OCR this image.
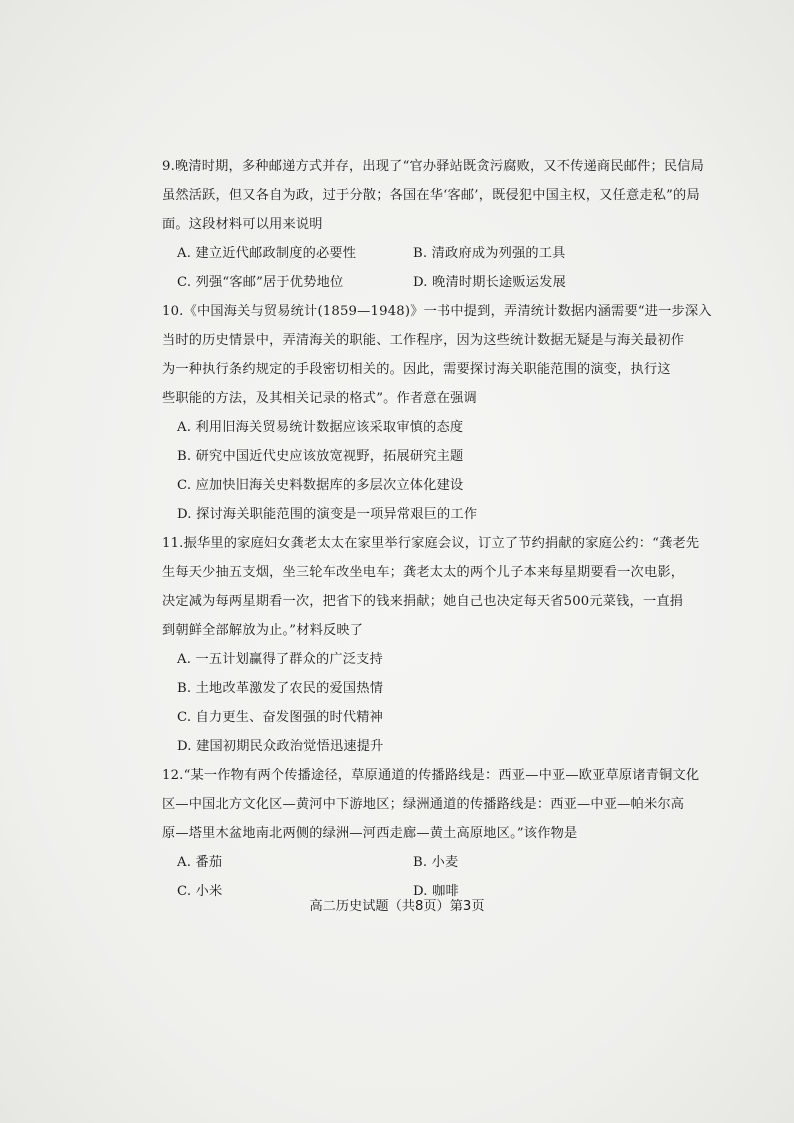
9.晚清时期，多种邮递方式并存，出现了“官办驿站既贪污腐败，又不传递商民邮件；民信局
虽然活跃，但又各自为政，过于分散；各国在华‘客邮’，既侵犯中国主权，又任意走私”的局
面。这段材料可以用来说明
A. 建立近代邮政制度的必要性	B. 清政府成为列强的工具
C. 列强“客邮”居于优势地位	D. 晚清时期长途贩运发展
10.《中国海关与贸易统计(1859—1948)》一书中提到，弄清统计数据内涵需要“进一步深入
当时的历史情景中，弄清海关的职能、工作程序，因为这些统计数据无疑是与海关最初作
为一种执行条约规定的手段密切相关的。因此，需要探讨海关职能范围的演变，执行这
些职能的方法，及其相关记录的格式”。作者意在强调
A. 利用旧海关贸易统计数据应该采取审慎的态度
B. 研究中国近代史应该放宽视野，拓展研究主题
C. 应加快旧海关史料数据库的多层次立体化建设
D. 探讨海关职能范围的演变是一项异常艰巨的工作
11.振华里的家庭妇女龚老太太在家里举行家庭会议，订立了节约捐献的家庭公约：“龚老先
生每天少抽五支烟，坐三轮车改坐电车；龚老太太的两个儿子本来每星期要看一次电影，
决定减为每两星期看一次，把省下的钱来捐献；她自己也决定每天省500元菜钱，一直捐
到朝鲜全部解放为止。”材料反映了
A. 一五计划赢得了群众的广泛支持
B. 土地改革激发了农民的爱国热情
C. 自力更生、奋发图强的时代精神
D. 建国初期民众政治觉悟迅速提升
12.“某一作物有两个传播途径，草原通道的传播路线是：西亚—中亚—欧亚草原诸青铜文化
区—中国北方文化区—黄河中下游地区；绿洲通道的传播路线是：西亚—中亚—帕米尔高
原—塔里木盆地南北两侧的绿洲—河西走廊—黄土高原地区。”该作物是
A. 番茄	B. 小麦
C. 小米	D. 咖啡
高二历史试题（共8页）第3页
